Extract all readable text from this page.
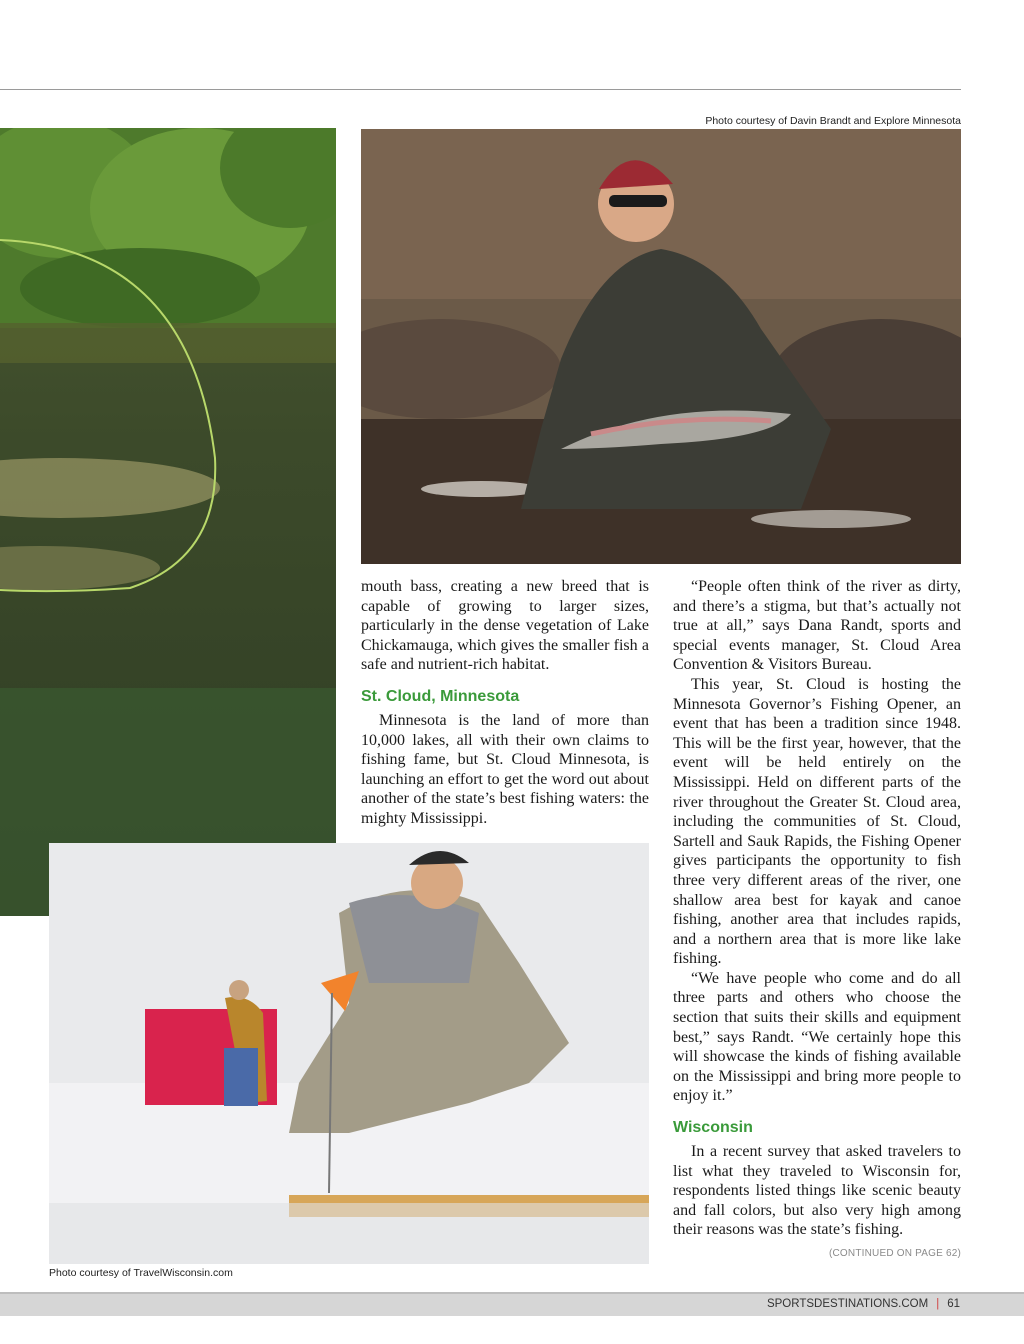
Photo courtesy of Davin Brandt and Explore Minnesota
Photo courtesy of TravelWisconsin.com

mouth bass, creating a new breed that is capable of growing to larger sizes, particularly in the dense vegetation of Lake Chickamauga, which gives the smaller fish a safe and nutrient-rich habitat.

St. Cloud, Minnesota

Minnesota is the land of more than 10,000 lakes, all with their own claims to fishing fame, but St. Cloud Minnesota, is launching an effort to get the word out about another of the state’s best fishing waters: the mighty Mississippi.

“People often think of the river as dirty, and there’s a stigma, but that’s actually not true at all,” says Dana Randt, sports and special events manager, St. Cloud Area Convention & Visitors Bureau.

This year, St. Cloud is hosting the Minnesota Governor’s Fishing Opener, an event that has been a tradition since 1948. This will be the first year, however, that the event will be held entirely on the Mississippi. Held on different parts of the river throughout the Greater St. Cloud area, including the communities of St. Cloud, Sartell and Sauk Rapids, the Fishing Opener gives participants the opportunity to fish three very different areas of the river, one shallow area best for kayak and canoe fishing, another area that includes rapids, and a northern area that is more like lake fishing.

“We have people who come and do all three parts and others who choose the section that suits their skills and equipment best,” says Randt. “We certainly hope this will showcase the kinds of fishing available on the Mississippi and bring more people to enjoy it.”

Wisconsin

In a recent survey that asked travelers to list what they traveled to Wisconsin for, respondents listed things like scenic beauty and fall colors, but also very high among their reasons was the state’s fishing.

(CONTINUED ON PAGE 62)
SPORTSDESTINATIONS.COM | 61
